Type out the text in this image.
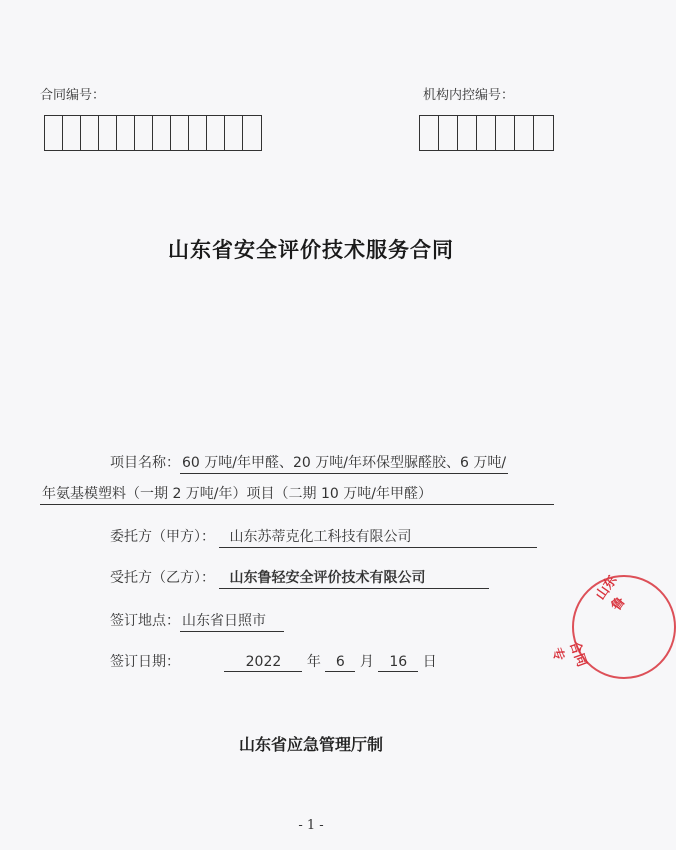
合同编号：	机构内控编号：
山东省安全评价技术服务合同
项目名称： 60 万吨/年甲醛、20 万吨/年环保型脲醛胶、6 万吨/
年氨基模塑料（一期 2 万吨/年）项目（二期 10 万吨/年甲醛）
委托方（甲方）： 山东苏蒂克化工科技有限公司
受托方（乙方）： 山东鲁轻安全评价技术有限公司
签订地点： 山东省日照市
签订日期：	2022 年 6 月 16 日
山东省应急管理厅制
- 1 -
山东鲁
合同专
